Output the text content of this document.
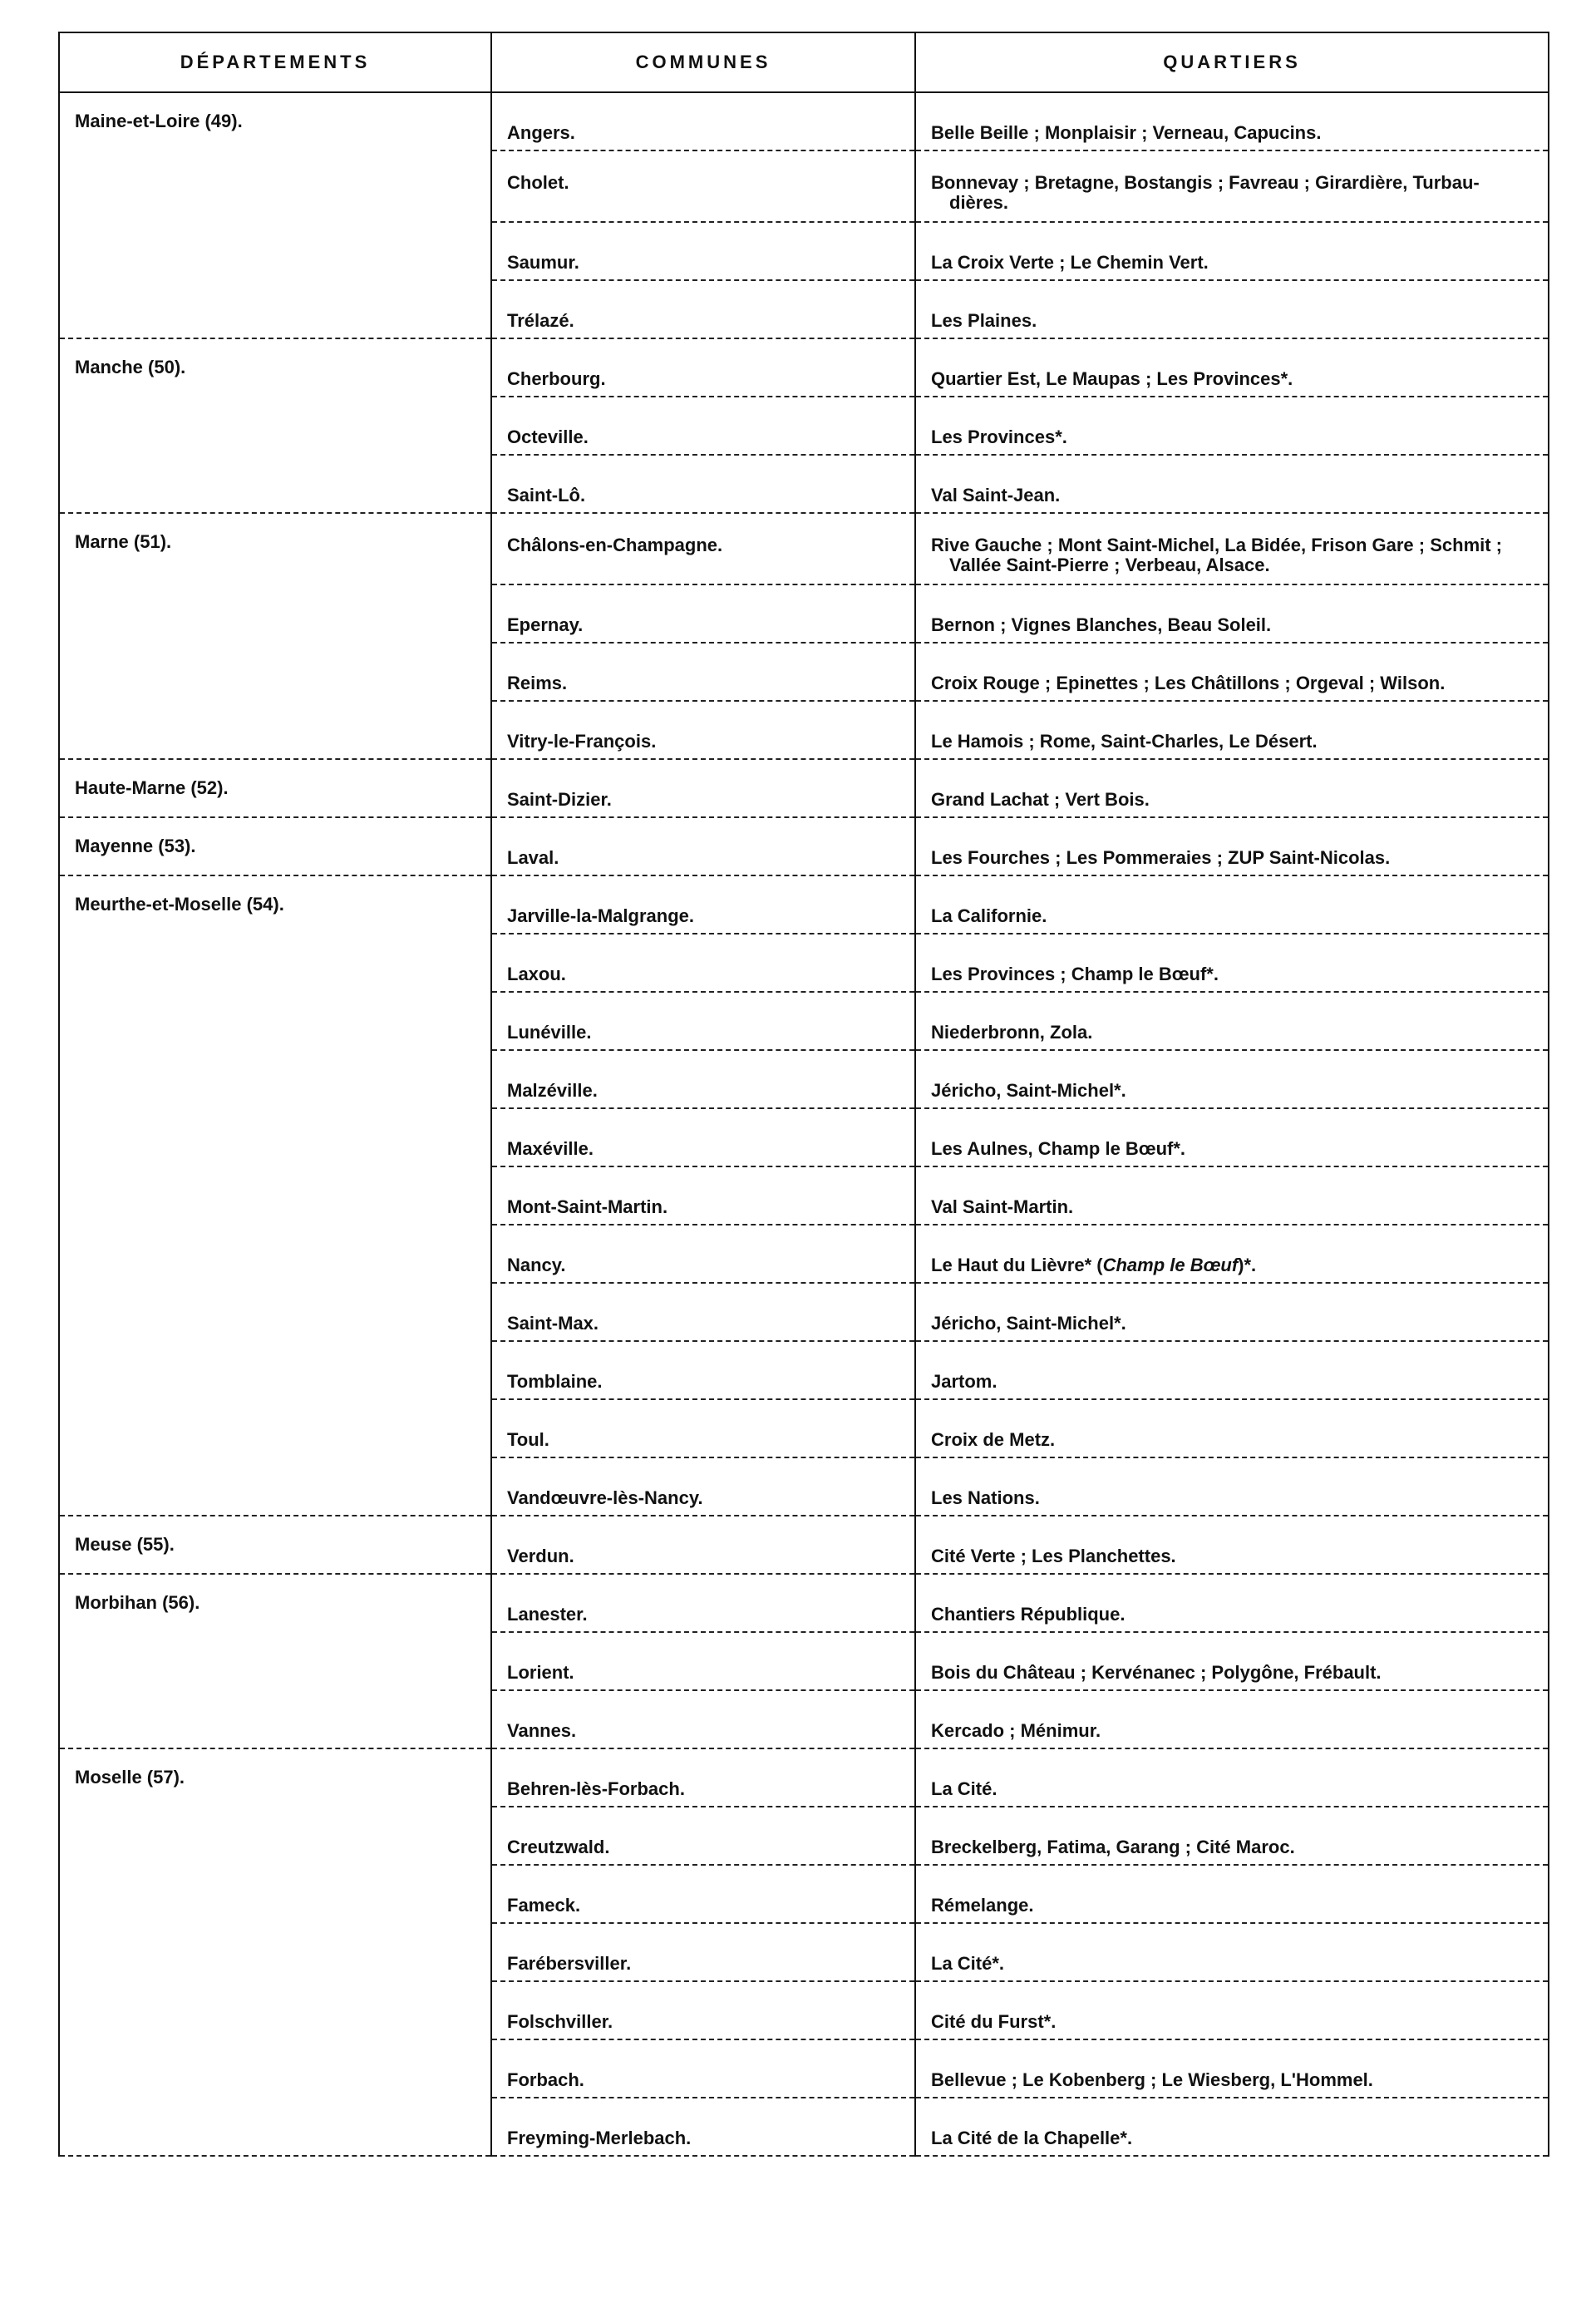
DÉPARTEMENTS	COMMUNES	QUARTIERS
Maine-et-Loire (49).	Angers.	Belle Beille ; Monplaisir ; Verneau, Capucins.
	Cholet.	Bonnevay ; Bretagne, Bostangis ; Favreau ; Girardière, Turbau-
dières.

	Saumur.	La Croix Verte ; Le Chemin Vert.
	Trélazé.	Les Plaines.
Manche (50).	Cherbourg.	Quartier Est, Le Maupas ; Les Provinces*.
	Octeville.	Les Provinces*.
	Saint-Lô.	Val Saint-Jean.
Marne (51).	Châlons-en-Champagne.	Rive Gauche ; Mont Saint-Michel, La Bidée, Frison Gare ; Schmit ;
Vallée Saint-Pierre ; Verbeau, Alsace.

	Epernay.	Bernon ; Vignes Blanches, Beau Soleil.
	Reims.	Croix Rouge ; Epinettes ; Les Châtillons ; Orgeval ; Wilson.
	Vitry-le-François.	Le Hamois ; Rome, Saint-Charles, Le Désert.
Haute-Marne (52).	Saint-Dizier.	Grand Lachat ; Vert Bois.
Mayenne (53).	Laval.	Les Fourches ; Les Pommeraies ; ZUP Saint-Nicolas.
Meurthe-et-Moselle (54).	Jarville-la-Malgrange.	La Californie.
	Laxou.	Les Provinces ; Champ le Bœuf*.
	Lunéville.	Niederbronn, Zola.
	Malzéville.	Jéricho, Saint-Michel*.
	Maxéville.	Les Aulnes, Champ le Bœuf*.
	Mont-Saint-Martin.	Val Saint-Martin.
	Nancy.	Le Haut du Lièvre* (Champ le Bœuf)*.
	Saint-Max.	Jéricho, Saint-Michel*.
	Tomblaine.	Jartom.
	Toul.	Croix de Metz.
	Vandœuvre-lès-Nancy.	Les Nations.
Meuse (55).	Verdun.	Cité Verte ; Les Planchettes.
Morbihan (56).	Lanester.	Chantiers République.
	Lorient.	Bois du Château ; Kervénanec ; Polygône, Frébault.
	Vannes.	Kercado ; Ménimur.
Moselle (57).	Behren-lès-Forbach.	La Cité.
	Creutzwald.	Breckelberg, Fatima, Garang ; Cité Maroc.
	Fameck.	Rémelange.
	Farébersviller.	La Cité*.
	Folschviller.	Cité du Furst*.
	Forbach.	Bellevue ; Le Kobenberg ; Le Wiesberg, L'Hommel.
	Freyming-Merlebach.	La Cité de la Chapelle*.
